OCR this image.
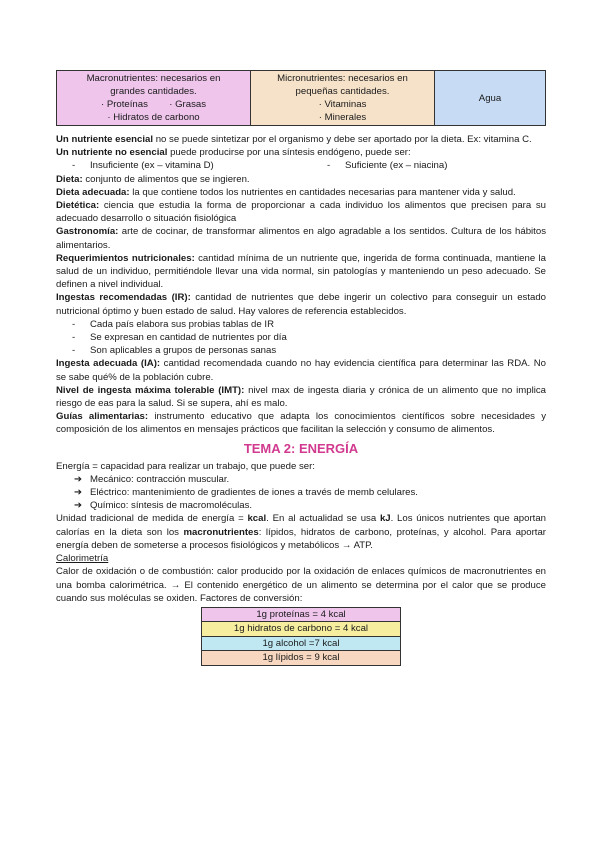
Macronutrientes: necesarios en
grandes cantidades.
· Proteínas · Grasas
· Hidratos de carbono

Micronutrientes: necesarios en
pequeñas cantidades.
· Vitaminas
· Minerales
	Agua

Un nutriente esencial no se puede sintetizar por el organismo y debe ser aportado por la dieta. Ex: vitamina C.

Un nutriente no esencial puede producirse por una síntesis endógeno, puede ser:

- Insuficiente (ex – vitamina D)
-	Suficiente (ex – niacina)

Dieta: conjunto de alimentos que se ingieren.

Dieta adecuada: la que contiene todos los nutrientes en cantidades necesarias para mantener vida y salud.

Dietética: ciencia que estudia la forma de proporcionar a cada individuo los alimentos que precisen para su adecuado desarrollo o situación fisiológica

Gastronomía: arte de cocinar, de transformar alimentos en algo agradable a los sentidos. Cultura de los hábitos alimentarios.

Requerimientos nutricionales: cantidad mínima de un nutriente que, ingerida de forma continuada, mantiene la salud de un individuo, permitiéndole llevar una vida normal, sin patologías y manteniendo un peso adecuado. Se definen a nivel individual.

Ingestas recomendadas (IR): cantidad de nutrientes que debe ingerir un colectivo para conseguir un estado nutricional óptimo y buen estado de salud. Hay valores de referencia establecidos.

- Cada país elabora sus probias tablas de IR
- Se expresan en cantidad de nutrientes por día
- Son aplicables a grupos de personas sanas

Ingesta adecuada (IA): cantidad recomendada cuando no hay evidencia científica para determinar las RDA. No se sabe qué% de la población cubre.

Nivel de ingesta máxima tolerable (IMT): nivel max de ingesta diaria y crónica de un alimento que no implica riesgo de eas para la salud. Si se supera, ahí es malo.

Guías alimentarias: instrumento educativo que adapta los conocimientos científicos sobre necesidades y composición de los alimentos en mensajes prácticos que facilitan la selección y consumo de alimentos.

TEMA 2: ENERGÍA

Energía = capacidad para realizar un trabajo, que puede ser:

➔ Mecánico: contracción muscular.
➔ Eléctrico: mantenimiento de gradientes de iones a través de memb celulares.
➔ Químico: síntesis de macromoléculas.

Unidad tradicional de medida de energía = kcal. En al actualidad se usa kJ. Los únicos nutrientes que aportan calorías en la dieta son los macronutrientes: lípidos, hidratos de carbono, proteínas, y alcohol. Para aportar energía deben de someterse a procesos fisiológicos y metabólicos → ATP.

Calorimetría

Calor de oxidación o de combustión: calor producido por la oxidación de enlaces químicos de macronutrientes en una bomba calorimétrica. → El contenido energético de un alimento se determina por el calor que se produce cuando sus moléculas se oxiden. Factores de conversión:

1g proteínas = 4 kcal
1g hidratos de carbono = 4 kcal
1g alcohol =7 kcal
1g lípidos = 9 kcal
